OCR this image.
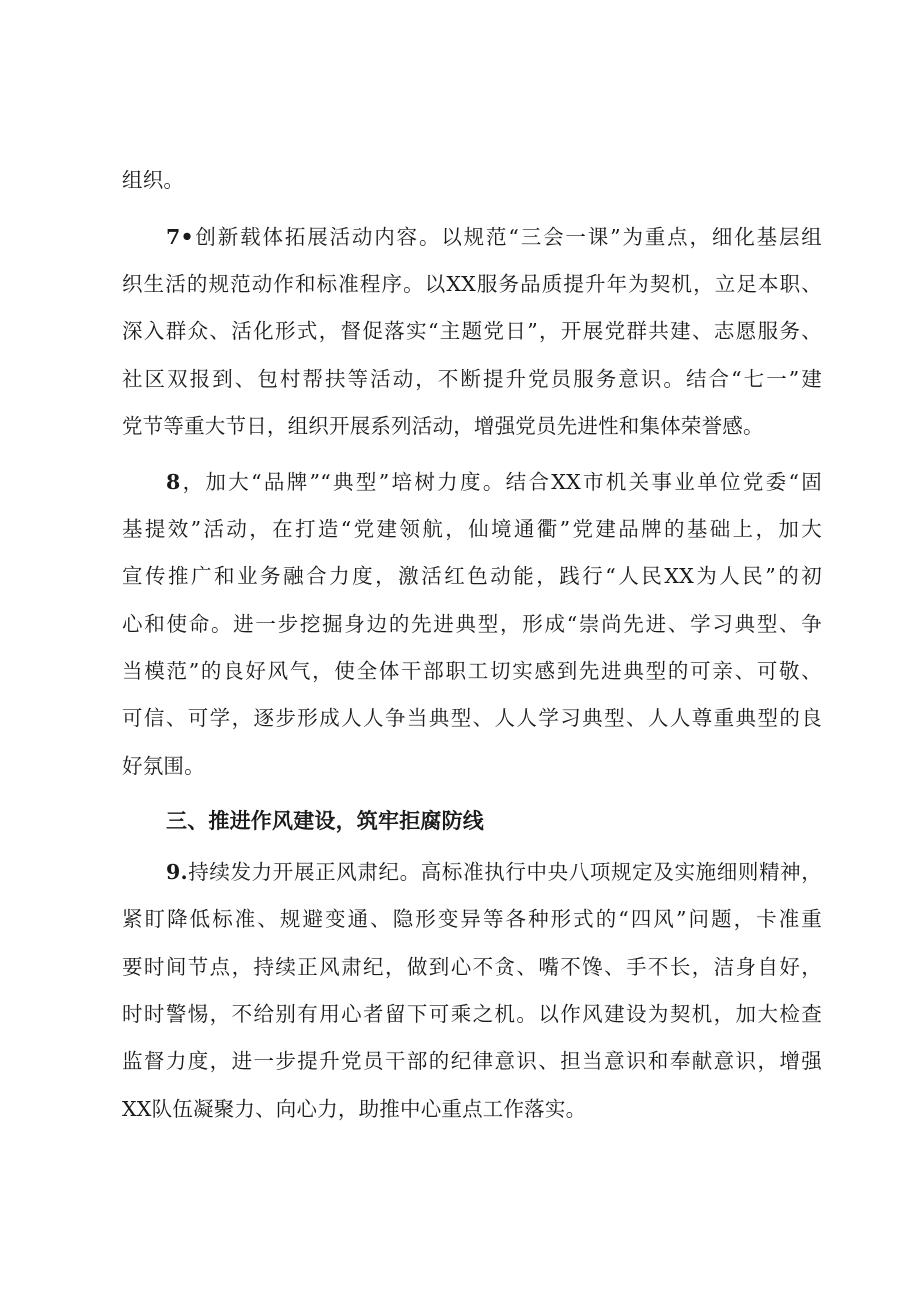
组织。
7•创新载体拓展活动内容。以规范“三会一课”为重点，细化基层组
织生活的规范动作和标准程序。以XX服务品质提升年为契机，立足本职、
深入群众、活化形式，督促落实“主题党日”，开展党群共建、志愿服务、
社区双报到、包村帮扶等活动，不断提升党员服务意识。结合“七一”建
党节等重大节日，组织开展系列活动，增强党员先进性和集体荣誉感。
8，加大“品牌”“典型”培树力度。结合XX市机关事业单位党委“固
基提效”活动，在打造“党建领航，仙境通衢”党建品牌的基础上，加大
宣传推广和业务融合力度，激活红色动能，践行“人民XX为人民”的初
心和使命。进一步挖掘身边的先进典型，形成“崇尚先进、学习典型、争
当模范”的良好风气，使全体干部职工切实感到先进典型的可亲、可敬、
可信、可学，逐步形成人人争当典型、人人学习典型、人人尊重典型的良
好氛围。
三、推进作风建设，筑牢拒腐防线
9.持续发力开展正风肃纪。高标准执行中央八项规定及实施细则精神，
紧盯降低标准、规避变通、隐形变异等各种形式的“四风”问题，卡准重
要时间节点，持续正风肃纪，做到心不贪、嘴不馋、手不长，洁身自好，
时时警惕，不给别有用心者留下可乘之机。以作风建设为契机，加大检查
监督力度，进一步提升党员干部的纪律意识、担当意识和奉献意识，增强
XX队伍凝聚力、向心力，助推中心重点工作落实。
